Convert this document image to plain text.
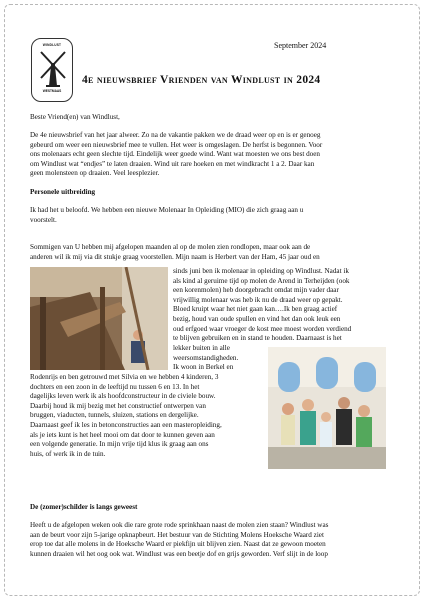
WINDLUST
WESTMAAS
September 2024
4e nieuwsbrief Vrienden van Windlust in 2024

Beste Vriend(en) van Windlust,

De 4e nieuwsbrief van het jaar alweer. Zo na de vakantie pakken we de draad weer op en is er genoeg
gebeurd om weer een nieuwsbrief mee te vullen. Het weer is omgeslagen. De herfst is begonnen. Voor
ons molenaars echt geen slechte tijd. Eindelijk weer goede wind. Want wat moesten we ons best doen
om Windlust wat “endjes” te laten draaien. Wind uit rare hoeken en met windkracht 1 a 2. Daar kan
geen molensteen op draaien. Veel leesplezier.

Personele uitbreiding

Ik had het u beloofd. We hebben een nieuwe Molenaar In Opleiding (MIO) die zich graag aan u
voorstelt.
Sommigen van U hebben mij afgelopen maanden al op de molen zien rondlopen, maar ook aan de
anderen wil ik mij via dit stukje graag voorstellen. Mijn naam is Herbert van der Ham, 45 jaar oud en
sinds juni ben ik molenaar in opleiding op Windlust. Nadat ik
als kind al geruime tijd op molen de Arend in Terheijden (ook
een korenmolen) heb doorgebracht omdat mijn vader daar
vrijwillig molenaar was heb ik nu de draad weer op gepakt.
Bloed kruipt waar het niet gaan kan….Ik ben graag actief
bezig, houd van oude spullen en vind het dan ook leuk een
oud erfgoed waar vroeger de kost mee moest worden verdiend
te blijven gebruiken en in stand te houden. Daarnaast is het
lekker buiten in alle
weersomstandigheden.
Ik woon in Berkel en
Rodenrijs en ben getrouwd met Silvia en we hebben 4 kinderen, 3
dochters en een zoon in de leeftijd nu tussen 6 en 13. In het
dagelijks leven werk ik als hoofdconstructeur in de civiele bouw.
Daarbij houd ik mij bezig met het constructief ontwerpen van
bruggen, viaducten, tunnels, sluizen, stations en dergelijke.
Daarnaast geef ik les in betonconstructies aan een masteropleiding,
als je iets kunt is het heel mooi om dat door te kunnen geven aan
een volgende generatie. In mijn vrije tijd klus ik graag aan ons
huis, of werk ik in de tuin.

De (zomer)schilder is langs geweest

Heeft u de afgelopen weken ook die rare grote rode sprinkhaan naast de molen zien staan? Windlust was
aan de beurt voor zijn 5-jarige opknapbeurt. Het bestuur van de Stichting Molens Hoeksche Waard ziet
erop toe dat alle molens in de Hoeksche Waard er piekfijn uit blijven zien. Naast dat ze gewoon moeten
kunnen draaien wil het oog ook wat. Windlust was een beetje dof en grijs geworden. Verf slijt in de loop
